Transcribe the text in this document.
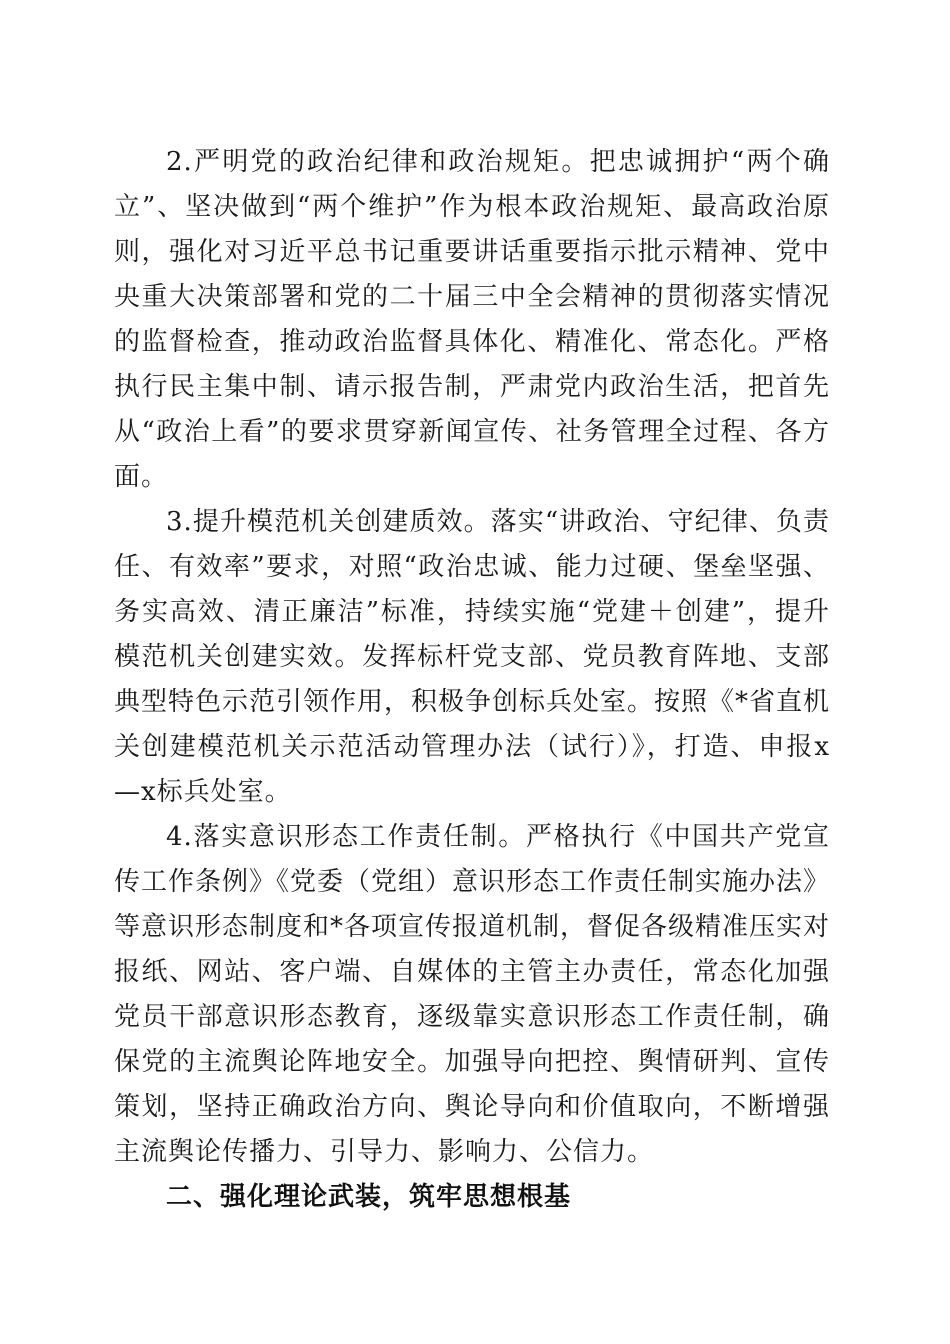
2.严明党的政治纪律和政治规矩。把忠诚拥护“两个确立”、坚决做到“两个维护”作为根本政治规矩、最高政治原则，强化对习近平总书记重要讲话重要指示批示精神、党中央重大决策部署和党的二十届三中全会精神的贯彻落实情况的监督检查，推动政治监督具体化、精准化、常态化。严格执行民主集中制、请示报告制，严肃党内政治生活，把首先从“政治上看”的要求贯穿新闻宣传、社务管理全过程、各方面。

3.提升模范机关创建质效。落实“讲政治、守纪律、负责任、有效率”要求，对照“政治忠诚、能力过硬、堡垒坚强、务实高效、清正廉洁”标准，持续实施“党建＋创建”，提升模范机关创建实效。发挥标杆党支部、党员教育阵地、支部典型特色示范引领作用，积极争创标兵处室。按照《*省直机关创建模范机关示范活动管理办法（试行）》，打造、申报x—x标兵处室。

4.落实意识形态工作责任制。严格执行《中国共产党宣传工作条例》《党委（党组）意识形态工作责任制实施办法》等意识形态制度和*各项宣传报道机制，督促各级精准压实对报纸、网站、客户端、自媒体的主管主办责任，常态化加强党员干部意识形态教育，逐级靠实意识形态工作责任制，确保党的主流舆论阵地安全。加强导向把控、舆情研判、宣传策划，坚持正确政治方向、舆论导向和价值取向，不断增强主流舆论传播力、引导力、影响力、公信力。

二、强化理论武装，筑牢思想根基
